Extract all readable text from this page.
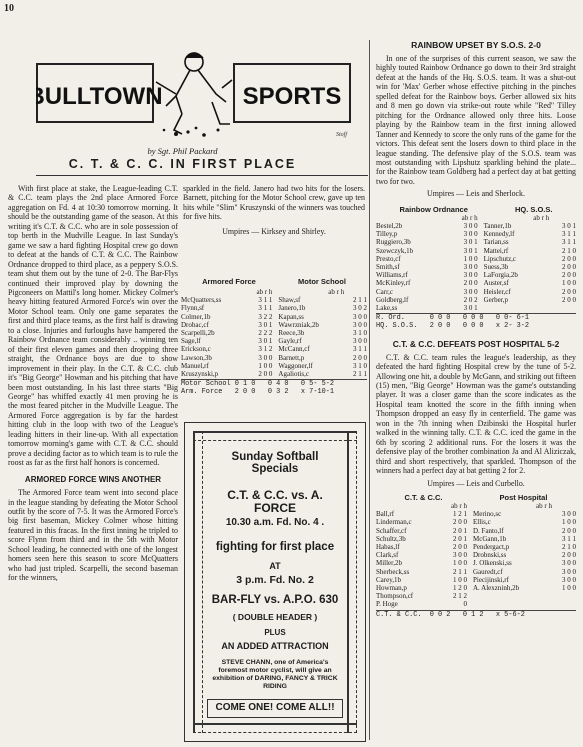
10
BULLTOWN	SPORTS
Stoff
by Sgt. Phil Packard
C. T. & C. C. IN FIRST PLACE

With first place at stake, the League-leading C.T. & C.C. team plays the 2nd place Armored Force aggregation on Fd. 4 at 10:30 tomorrow morning. It should be the outstanding game of the season. At this writing it's C.T. & C.C. who are in sole possession of top berth in the Mudville League. In last Sunday's game we saw a hard fighting Hospital crew go down to defeat at the hands of C.T. & C.C. The Rainbow Ordnance dropped to third place, as a peppery S.O.S. team shut them out by the tune of 2-0. The Bar-Flys continued their improved play by downing the Pigconeers on Mattil's long homer. Mickey Colmer's heavy hitting featured Armored Force's win over the Motor School team. Only one game separates the first and third place teams, as the first half is drawing to a close. Injuries and furloughs have hampered the Rainbow Ordnance team considerably .. winning ten of their first eleven games and then dropping three straight, the Ordnance boys are due to show improvement in their play. In the C.T. & C.C. club it's "Big George" Howman and his pitching that have been most outstanding. In his last three starts "Big George" has whiffed exactly 41 men proving he is the most feared pitcher in the Mudville League. The Armored Force aggregation is by far the hardest hitting club in the loop with two of the League's leading hitters in their line-up. With all expectation tomorrow morning's game with C.T. & C.C. should prove a deciding factor as to which team is to rule the roost as far as the first half honors is concerned.

ARMORED FORCE WINS ANOTHER

The Armored Force team went into second place in the league standing by defeating the Motor School outfit by the score of 7-5. It was the Armored Force's big first baseman, Mickey Colmer whose hitting featured in this fracas. In the first inning he tripled to score Flynn from third and in the 5th with Motor School leading, he connected with one of the longest homers seen here this season to score McQuatters who had just tripled. Scarpelli, the second baseman for the winners,

sparkled in the field. Janero had two hits for the losers. Barnett, pitching for the Motor School crew, gave up ten hits while "Slim" Kruszynski of the winners was touched for five hits.

Umpires — Kirksey and Shirley.
Armored Force	Motor School
	ab r h		ab r h	
McQuatters,ss	3 1 1		Shaw,sf	2 1 1
Flynn,sf	3 1 1		Janero,1b	3 0 2
Colmer,1b	3 2 2		Kapan,ss	3 0 0
Drobac,cf	3 0 1		Wawrzniak,2b	3 0 0
Scarpelli,2b	2 2 2		Reece,3b	3 1 0
Sage,lf	3 0 1		Gayle,rf	3 0 0
Erickson,c	3 1 2		McCann,cf	3 1 1
Lawson,3b	3 0 0		Barnett,p	2 0 0
Manuel,rf	1 0 0		Waggoner,lf	3 1 0
Kruszynski,p	2 0 0		Agaliotis,c	2 1 1
Motor School 0 1 0   0 4 0   0 5- 5-2
Arm. Force   2 0 0   0 3 2   x 7-10-1
Sunday Softball Specials
C.T. & C.C. vs. A. FORCE
10.30 a.m. Fd. No. 4 .
fighting for first place
AT
3 p.m. Fd. No. 2
BAR-FLY vs. A.P.O. 630
( DOUBLE HEADER )
PLUS
AN ADDED ATTRACTION
STEVE CHANN, one of America's foremost motor cyclist, will give an exhibition of DARING, FANCY & TRICK RIDING
COME ONE! COME ALL!!
RAINBOW UPSET BY S.O.S. 2-0

In one of the surprises of this current season, we saw the highly touted Rainbow Ordnance go down to their 3rd straight defeat at the hands of the Hq. S.O.S. team. It was a shut-out win for 'Max' Gerber whose effective pitching in the pinches spelled defeat for the Rainbow boys. Gerber allowed six hits and 8 men go down via strike-out route while "Red" Tilley pitching for the Ordnance allowed only three hits. Loose playing by the Rainbow team in the first inning allowed Tanner and Kennedy to score the only runs of the game for the victors. This defeat sent the losers down to third place in the league standing. The defensive play of the S.O.S. team was most outstanding with Lipshutz sparkling behind the plate... for the Rainbow team Goldberg had a perfect day at bat getting two for two.

Umpires — Leis and Sherlock.
Rainbow Ordnance	HQ. S.O.S.
	ab r h		ab r h	
Bestel,2b	3 0 0		Tanner,1b	3 0 1
Tilley,p	3 0 0		Kennedy,lf	3 1 1
Ruggiero,3b	3 0 1		Tarian,ss	3 1 1
Szewczyk,1b	3 0 1		Mattei,rf	2 1 0
Presto,cf	1 0 0		Lipschutz,c	2 0 0
Smith,sf	3 0 0		Suess,3b	2 0 0
Williams,rf	3 0 0		LaForgia,2b	2 0 0
McKinley,rf	2 0 0		Auster,sf	1 0 0
Carr,c	3 0 0		Heisler,cf	2 0 0
Goldberg,lf	2 0 2		Gerber,p	2 0 0
Lake,ss	3 0 1			
R. Ord.      0 0 0   0 0 0   0 0- 6-1
HQ. S.O.S.   2 0 0   0 0 0   x 2- 3-2
C.T. & C.C. DEFEATS POST HOSPITAL 5-2

C.T. & C.C. team rules the league's leadership, as they defeated the hard fighting Hospital crew by the tune of 5-2. Allowing one hit, a double by McGann, and striking out fifteen (15) men, "Big George" Howman was the game's outstanding player. It was a closer game than the score indicates as the Hospital team knotted the score in the fifth inning when Thompson dropped an easy fly in centerfield. The game was won in the 7th inning when Dzibinski the Hospital hurler walked in the winning tally. C.T. & C.C. iced the game in the 6th by scoring 2 additional runs. For the losers it was the defensive play of the brother combination Ja and Al Aliziczak, third and short respectively, that sparkled. Thompson of the winners had a perfect day at bat getting 2 for 2.

Umpires — Leis and Curbello.
C.T. & C.C.	Post Hospital
	ab r h		ab r h	
Ball,rf	1 2 1		Merino,sc	3 0 0
Linderman,c	2 0 0		Ellis,c	1 0 0
Schaffer,cf	2 0 1		D. Fanto,lf	2 0 0
Schultz,3b	2 0 1		McGann,1b	3 1 1
Habas,lf	2 0 0		Pendergact,p	2 1 0
Clark,sf	3 0 0		Drobnski,ss	2 0 0
Miller,2b	1 0 0		J. Olkenski,ss	3 0 0
Sherbeck,ss	2 1 1		Gauredt,cf	3 0 0
Carey,1b	1 0 0		Piecijinski,rf	3 0 0
Howman,p	1 2 0		A. Alexzninh,2b	1 0 0
Thompson,cf	2 1 2			
P. Hoge	0			
C.T. & C.C.  0 0 2   0 1 2   x 5-6-2
